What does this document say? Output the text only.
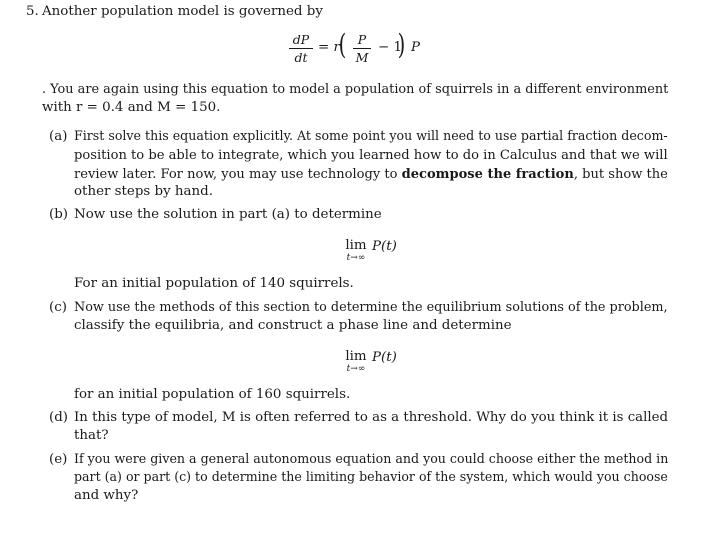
5. Another population model is governed by
dP
dt
= r
( P
M
− 1
) P
. You are again using this equation to model a population of squirrels in a different environment
with r = 0.4 and M = 150.
(a) First solve this equation explicitly. At some point you will need to use partial fraction decom-
position to be able to integrate, which you learned how to do in Calculus and that we will
review later. For now, you may use technology to decompose the fraction, but show the
other steps by hand.
(b) Now use the solution in part (a) to determine
lim
t→∞
P(t)
For an initial population of 140 squirrels.
(c) Now use the methods of this section to determine the equilibrium solutions of the problem,
classify the equilibria, and construct a phase line and determine
lim
t→∞
P(t)
for an initial population of 160 squirrels.
(d) In this type of model, M is often referred to as a threshold. Why do you think it is called
that?
(e) If you were given a general autonomous equation and you could choose either the method in
part (a) or part (c) to determine the limiting behavior of the system, which would you choose
and why?
